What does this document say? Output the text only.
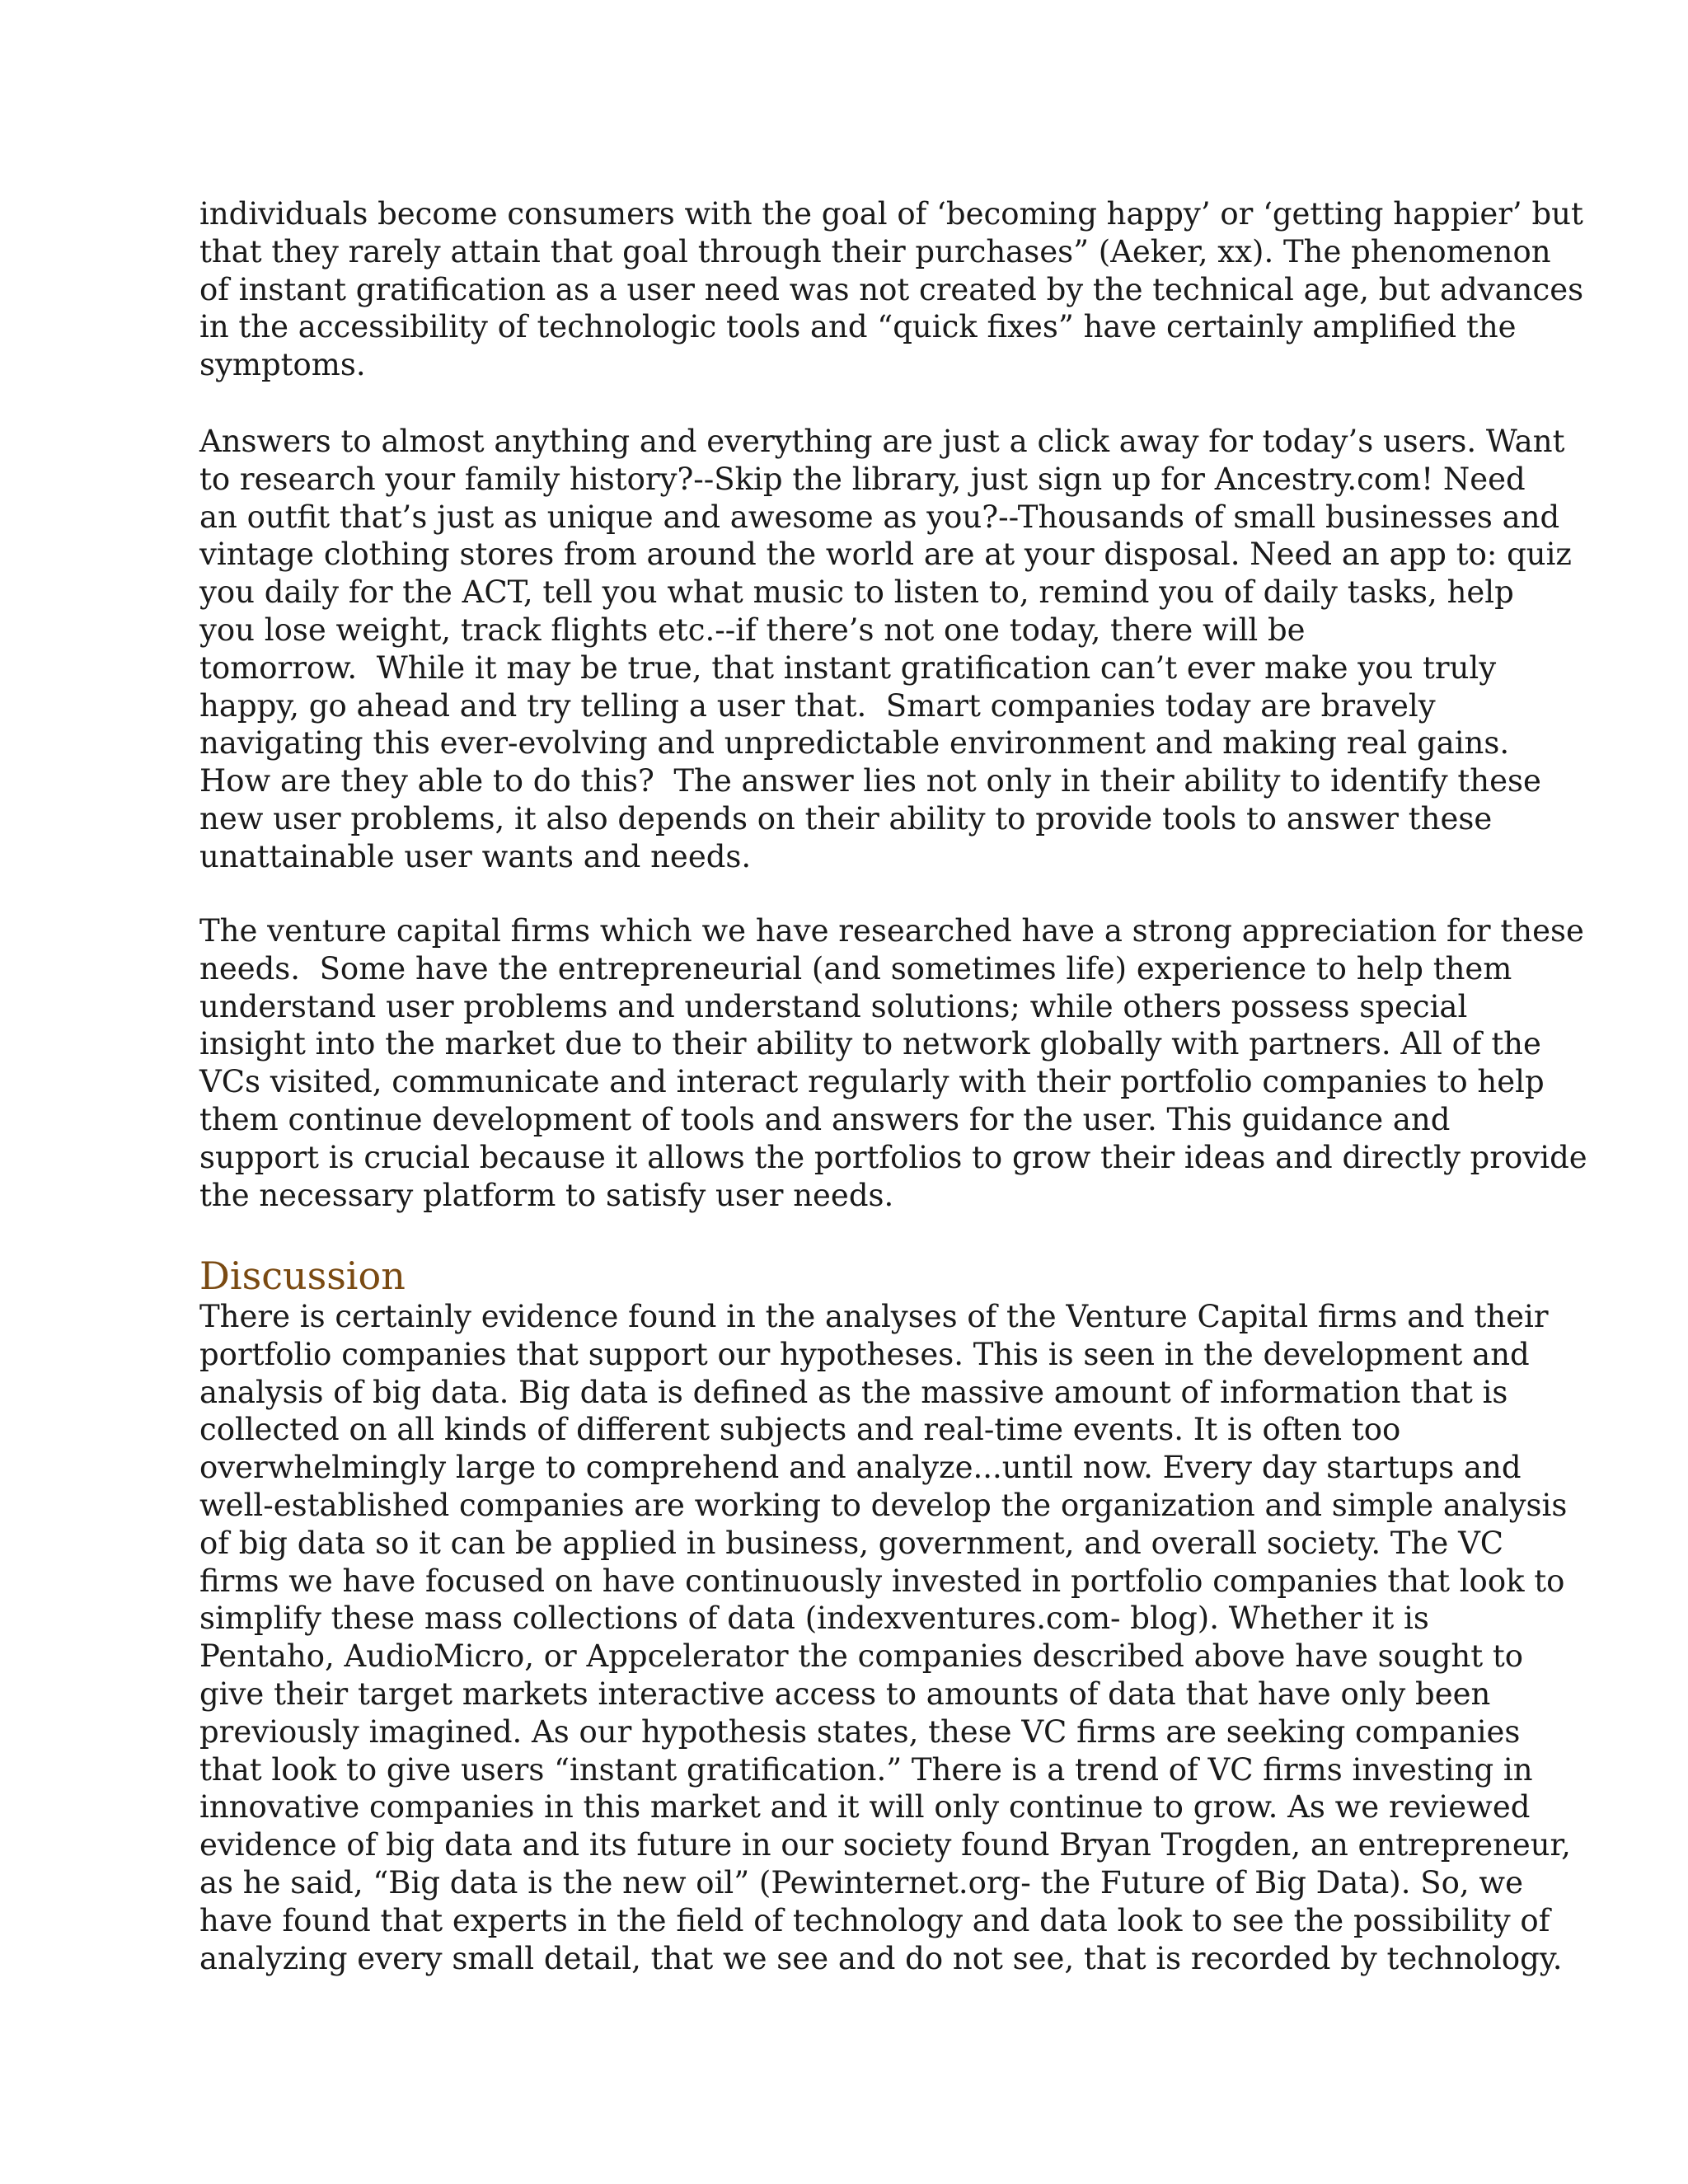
individuals become consumers with the goal of ‘becoming happy’ or ‘getting happier’ but
that they rarely attain that goal through their purchases” (Aeker, xx). The phenomenon
of instant gratification as a user need was not created by the technical age, but advances
in the accessibility of technologic tools and “quick fixes” have certainly amplified the
symptoms.
Answers to almost anything and everything are just a click away for today’s users. Want
to research your family history?--Skip the library, just sign up for Ancestry.com! Need
an outfit that’s just as unique and awesome as you?--Thousands of small businesses and
vintage clothing stores from around the world are at your disposal. Need an app to: quiz
you daily for the ACT, tell you what music to listen to, remind you of daily tasks, help
you lose weight, track flights etc.--if there’s not one today, there will be
tomorrow.  While it may be true, that instant gratification can’t ever make you truly
happy, go ahead and try telling a user that.  Smart companies today are bravely
navigating this ever-evolving and unpredictable environment and making real gains.
How are they able to do this?  The answer lies not only in their ability to identify these
new user problems, it also depends on their ability to provide tools to answer these
unattainable user wants and needs.
The venture capital firms which we have researched have a strong appreciation for these
needs.  Some have the entrepreneurial (and sometimes life) experience to help them
understand user problems and understand solutions; while others possess special
insight into the market due to their ability to network globally with partners. All of the
VCs visited, communicate and interact regularly with their portfolio companies to help
them continue development of tools and answers for the user. This guidance and
support is crucial because it allows the portfolios to grow their ideas and directly provide
the necessary platform to satisfy user needs.
Discussion
There is certainly evidence found in the analyses of the Venture Capital firms and their
portfolio companies that support our hypotheses. This is seen in the development and
analysis of big data. Big data is defined as the massive amount of information that is
collected on all kinds of different subjects and real-time events. It is often too
overwhelmingly large to comprehend and analyze...until now. Every day startups and
well-established companies are working to develop the organization and simple analysis
of big data so it can be applied in business, government, and overall society. The VC
firms we have focused on have continuously invested in portfolio companies that look to
simplify these mass collections of data (indexventures.com- blog). Whether it is
Pentaho, AudioMicro, or Appcelerator the companies described above have sought to
give their target markets interactive access to amounts of data that have only been
previously imagined. As our hypothesis states, these VC firms are seeking companies
that look to give users “instant gratification.” There is a trend of VC firms investing in
innovative companies in this market and it will only continue to grow. As we reviewed
evidence of big data and its future in our society found Bryan Trogden, an entrepreneur,
as he said, “Big data is the new oil” (Pewinternet.org- the Future of Big Data). So, we
have found that experts in the field of technology and data look to see the possibility of
analyzing every small detail, that we see and do not see, that is recorded by technology.
